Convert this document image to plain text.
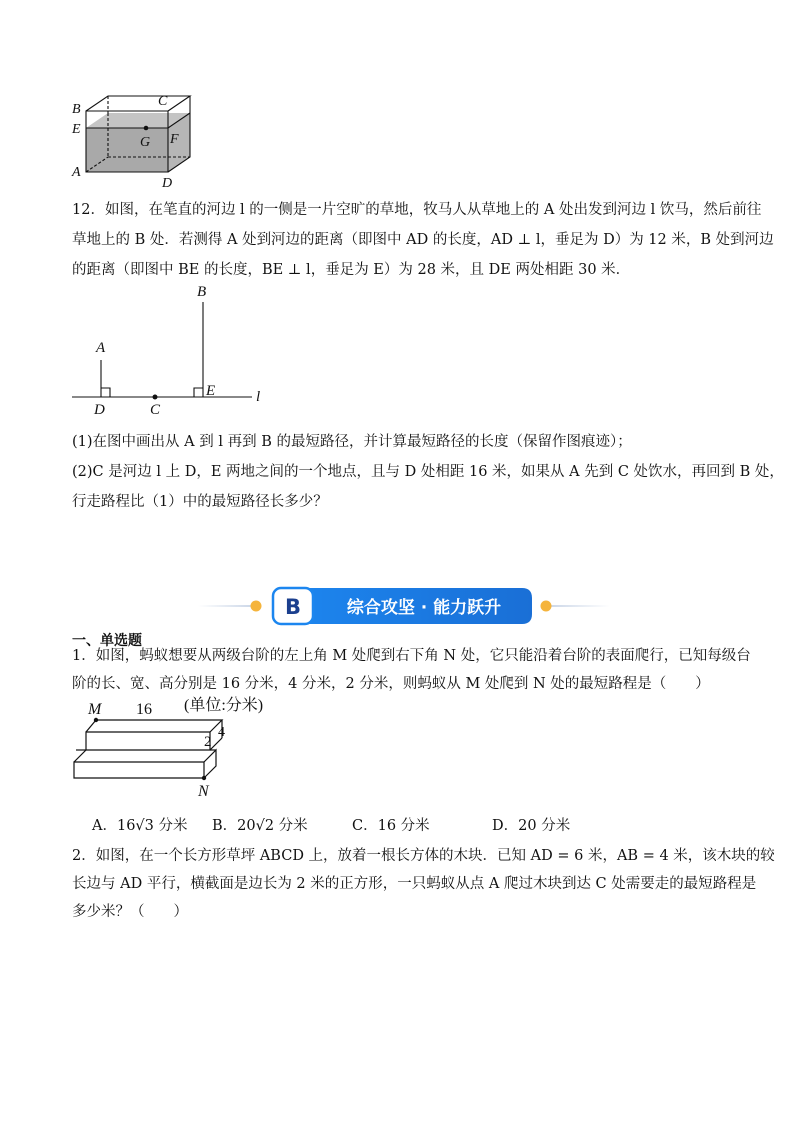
B
C
E
G F
A
D
12．如图，在笔直的河边 l 的一侧是一片空旷的草地，牧马人从草地上的 A 处出发到河边 l 饮马，然后前往
草地上的 B 处．若测得 A 处到河边的距离（即图中 AD 的长度，AD ⊥ l，垂足为 D）为 12 米，B 处到河边
的距离（即图中 BE 的长度，BE ⊥ l，垂足为 E）为 28 米，且 DE 两处相距 30 米．
A
B
D	C
E	l
(1)在图中画出从 A 到 l 再到 B 的最短路径，并计算最短路径的长度（保留作图痕迹）；
(2)C 是河边 l 上 D，E 两地之间的一个地点，且与 D 处相距 16 米，如果从 A 先到 C 处饮水，再回到 B 处，
行走路程比（1）中的最短路径长多少？
B	综合攻坚 · 能力跃升
一、单选题
1．如图，蚂蚁想要从两级台阶的左上角 M 处爬到右下角 N 处，它只能沿着台阶的表面爬行，已知每级台
阶的长、宽、高分别是 16 分米，4 分米，2 分米，则蚂蚁从 M 处爬到 N 处的最短路程是（　　）
M
N
16 (单位:分米)
2
4
A．16√3 分米 B．20√2 分米	C．16 分米	D．20 分米
2．如图，在一个长方形草坪 ABCD 上，放着一根长方体的木块．已知 AD = 6 米，AB = 4 米，该木块的较
长边与 AD 平行，横截面是边长为 2 米的正方形，一只蚂蚁从点 A 爬过木块到达 C 处需要走的最短路程是
多少米？（　　）
